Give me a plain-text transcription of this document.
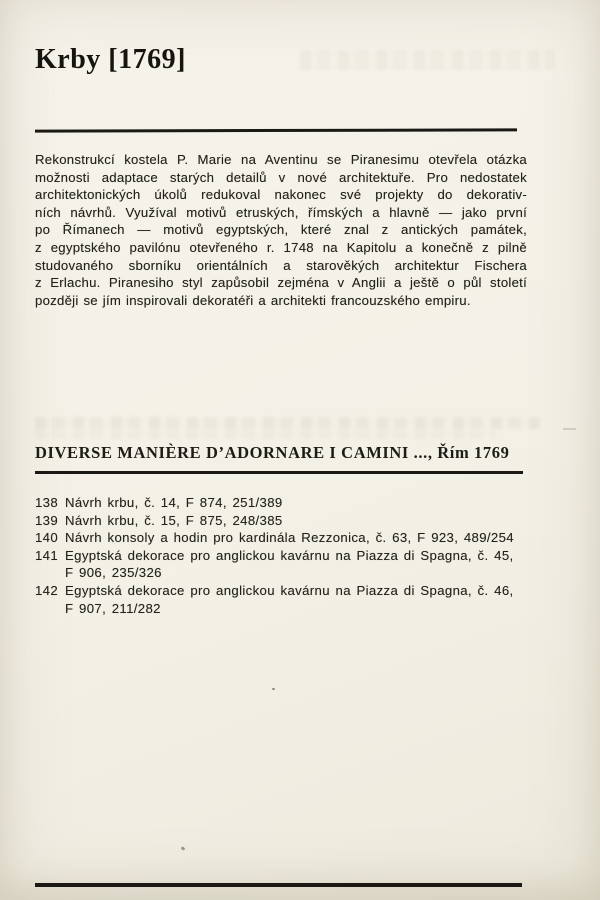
Krby [1769]
Rekonstrukcí kostela P. Marie na Aventinu se Piranesimu otevřela otázka
možnosti adaptace starých detailů v nové architektuře. Pro nedostatek
architektonických úkolů redukoval nakonec své projekty do dekorativ-
ních návrhů. Využíval motivů etruských, římských a hlavně — jako první
po Římanech — motivů egyptských, které znal z antických památek,
z egyptského pavilónu otevřeného r. 1748 na Kapitolu a konečně z pilně
studovaného sborníku orientálních a starověkých architektur Fischera
z Erlachu. Piranesiho styl zapůsobil zejména v Anglii a ještě o půl století
později se jím inspirovali dekoratéři a architekti francouzského empiru.
DIVERSE MANIÈRE D’ADORNARE I CAMINI ..., Řím 1769
138 Návrh krbu, č. 14, F 874, 251/389
139 Návrh krbu, č. 15, F 875, 248/385
140 Návrh konsoly a hodin pro kardinála Rezzonica, č. 63, F 923, 489/254
141 Egyptská dekorace pro anglickou kavárnu na Piazza di Spagna, č. 45,
F 906, 235/326
142 Egyptská dekorace pro anglickou kavárnu na Piazza di Spagna, č. 46,
F 907, 211/282
